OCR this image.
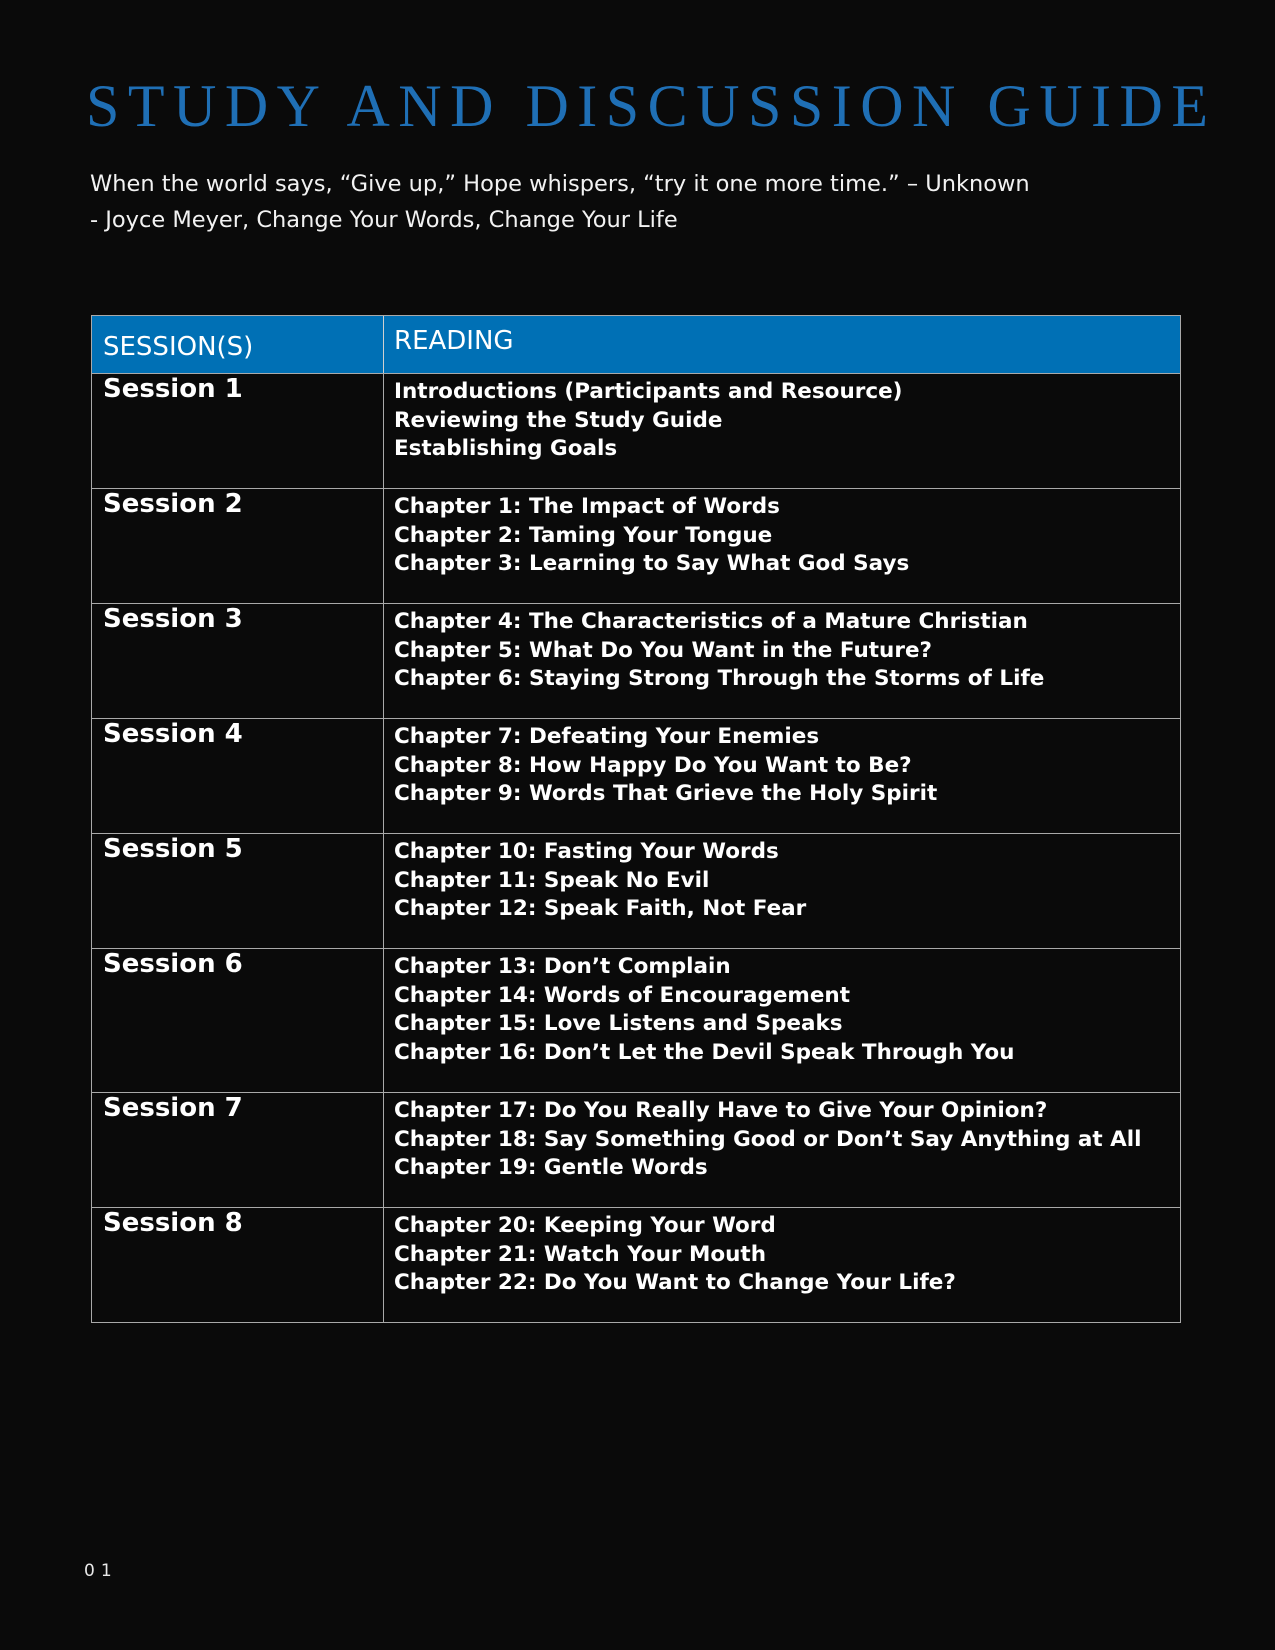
STUDY AND DISCUSSION GUIDE
When the world says, “Give up,” Hope whispers, “try it one more time.” – Unknown
- Joyce Meyer, Change Your Words, Change Your Life
SESSION(S)	READING
Session 1	Introductions (Participants and Resource)
Reviewing the Study Guide
Establishing Goals
Session 2	Chapter 1: The Impact of Words
Chapter 2: Taming Your Tongue
Chapter 3: Learning to Say What God Says
Session 3	Chapter 4: The Characteristics of a Mature Christian
Chapter 5: What Do You Want in the Future?
Chapter 6: Staying Strong Through the Storms of Life
Session 4	Chapter 7: Defeating Your Enemies
Chapter 8: How Happy Do You Want to Be?
Chapter 9: Words That Grieve the Holy Spirit
Session 5	Chapter 10: Fasting Your Words
Chapter 11: Speak No Evil
Chapter 12: Speak Faith, Not Fear
Session 6	Chapter 13: Don’t Complain
Chapter 14: Words of Encouragement
Chapter 15: Love Listens and Speaks
Chapter 16: Don’t Let the Devil Speak Through You
Session 7	Chapter 17: Do You Really Have to Give Your Opinion?
Chapter 18: Say Something Good or Don’t Say Anything at All
Chapter 19: Gentle Words
Session 8	Chapter 20: Keeping Your Word
Chapter 21: Watch Your Mouth
Chapter 22: Do You Want to Change Your Life?
01
